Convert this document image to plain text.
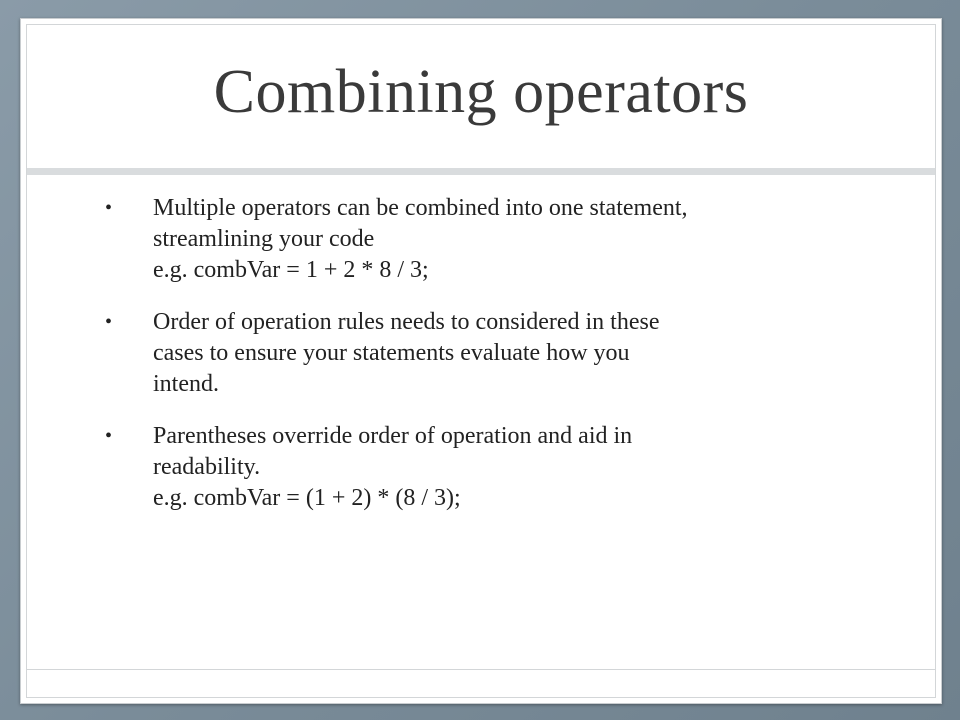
Combining operators
• Multiple operators can be combined into one statement,
streamlining your code
e.g. combVar = 1 + 2 * 8 / 3;
• Order of operation rules needs to considered in these
cases to ensure your statements evaluate how you
intend.
• Parentheses override order of operation and aid in
readability.
e.g. combVar = (1 + 2) * (8 / 3);
